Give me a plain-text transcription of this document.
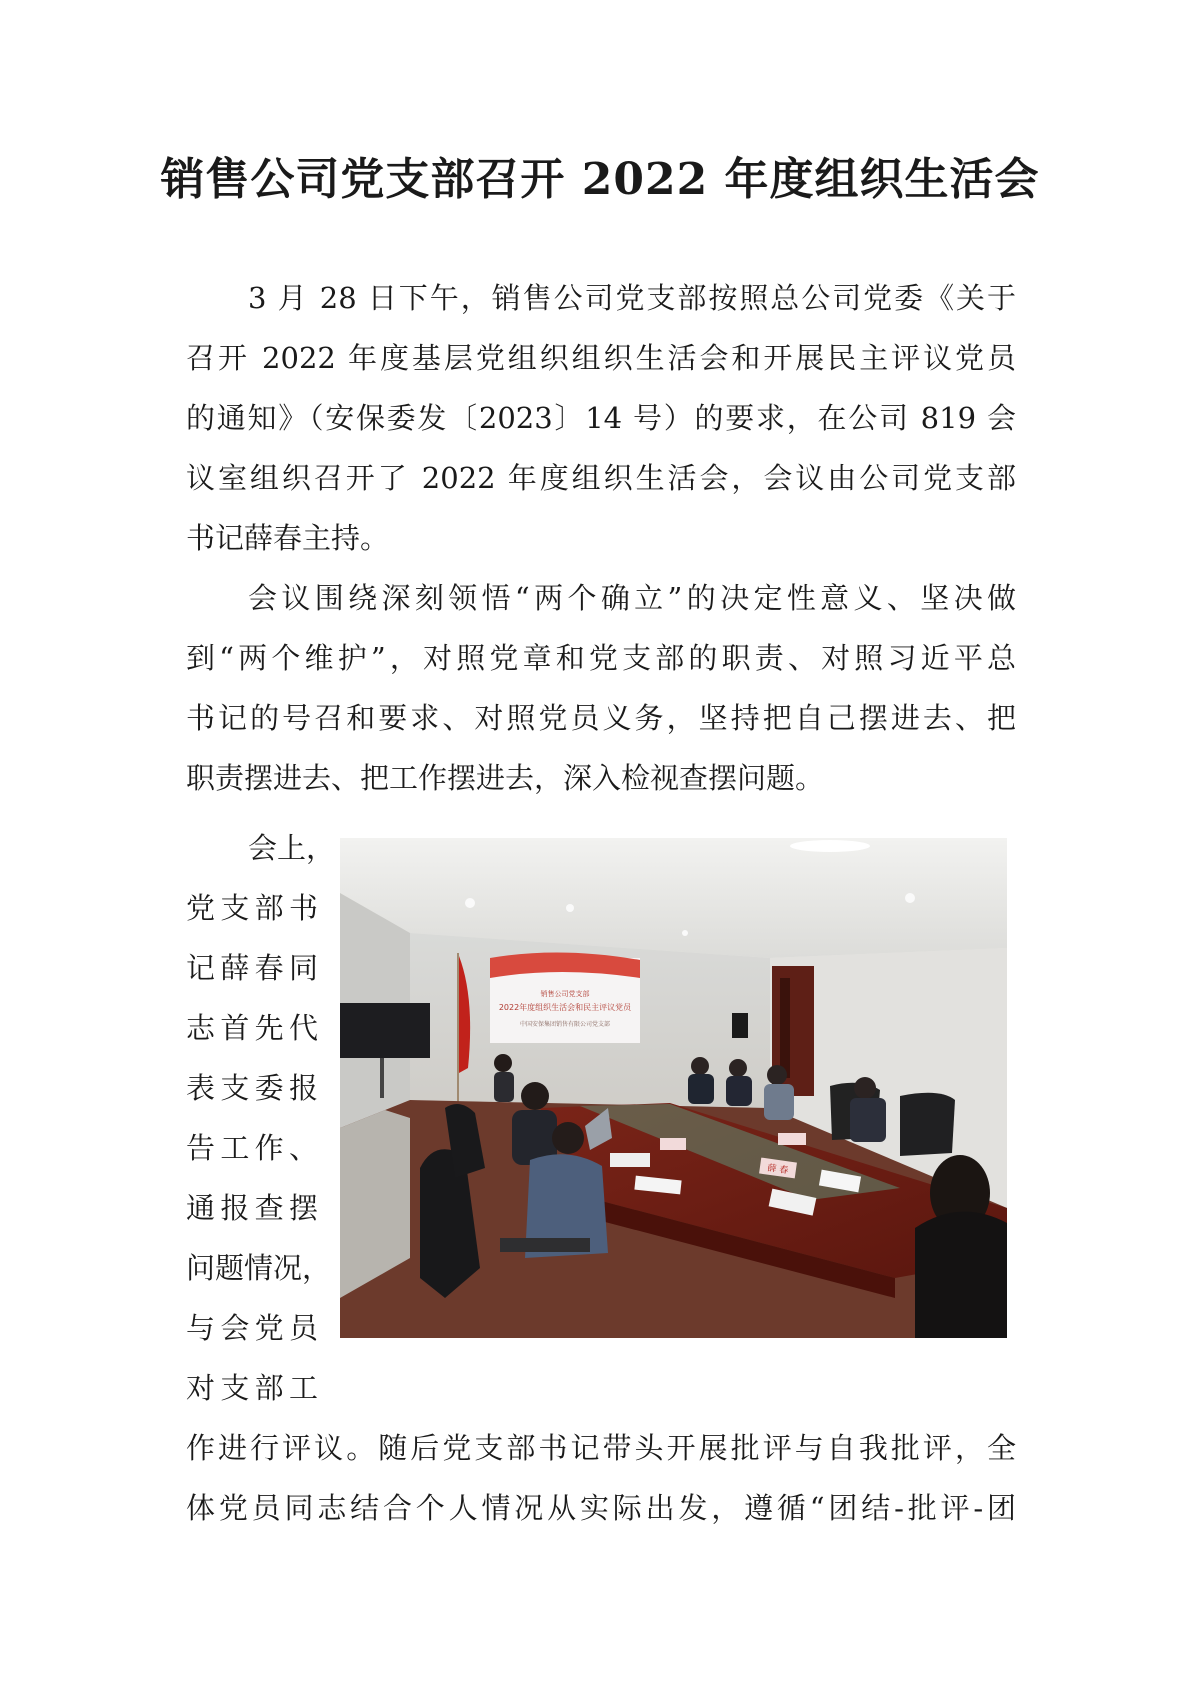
销售公司党支部召开 2022 年度组织生活会

3 月 28 日下午，销售公司党支部按照总公司党委《关于

召开 2022 年度基层党组织组织生活会和开展民主评议党员

的通知》（安保委发〔2023〕14 号）的要求，在公司 819 会

议室组织召开了 2022 年度组织生活会，会议由公司党支部

书记薛春主持。

会议围绕深刻领悟“两个确立”的决定性意义、坚决做

到“两个维护”，对照党章和党支部的职责、对照习近平总

书记的号召和要求、对照党员义务，坚持把自己摆进去、把

职责摆进去、把工作摆进去，深入检视查摆问题。

会上，

党支部书

记薛春同

志首先代

表支委报

告工作、

通报查摆

问题情况，

与会党员

对支部工

作进行评议。随后党支部书记带头开展批评与自我批评，全

体党员同志结合个人情况从实际出发，遵循“团结-批评-团

销售公司党支部
2022年度组织生活会和民主评议党员
中国安保集团销售有限公司党支部
薛 春
